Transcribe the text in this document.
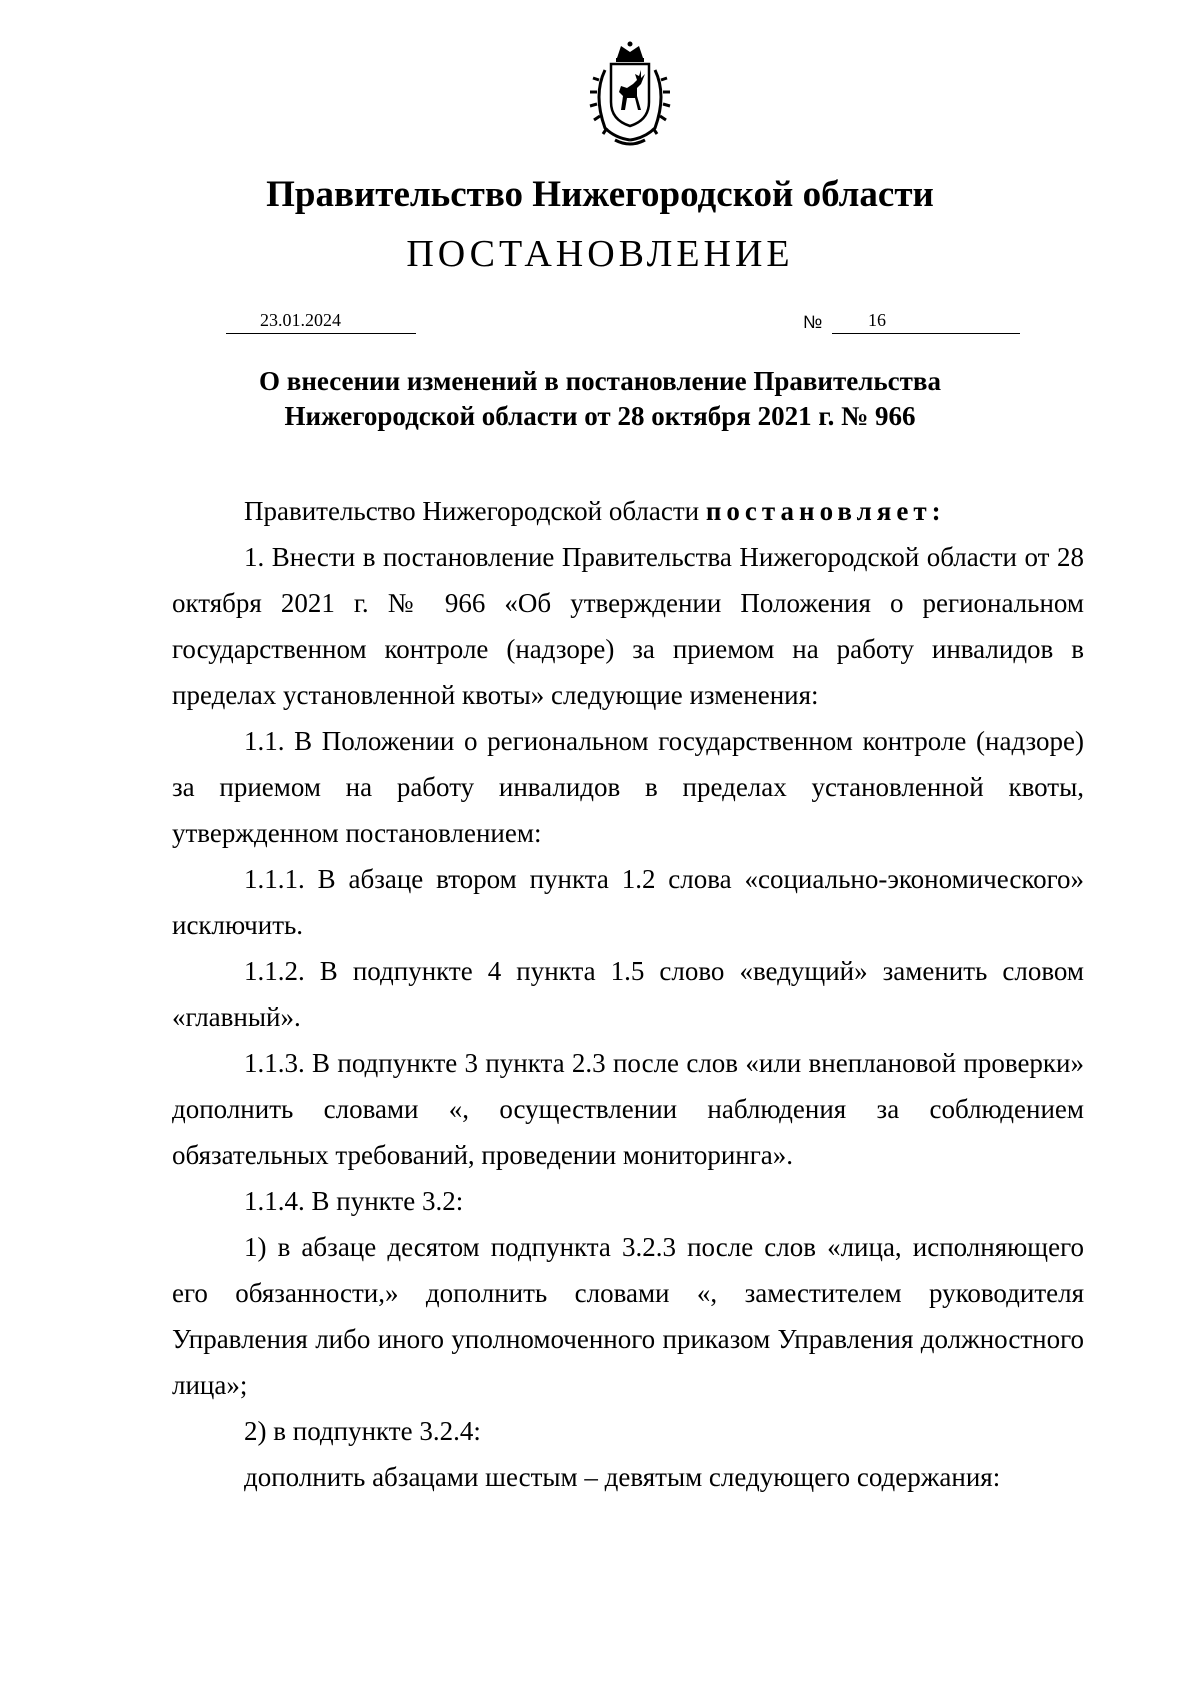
Правительство Нижегородской области
ПОСТАНОВЛЕНИЕ
23.01.2024	№	16
О внесении изменений в постановление Правительства
Нижегородской области от 28 октября 2021 г. № 966

Правительство Нижегородской области постановляет:

1. Внести в постановление Правительства Нижегородской области от 28 октября 2021 г. № 966 «Об утверждении Положения о региональном государственном контроле (надзоре) за приемом на работу инвалидов в пределах установленной квоты» следующие изменения:

1.1. В Положении о региональном государственном контроле (надзоре) за приемом на работу инвалидов в пределах установленной квоты, утвержденном постановлением:

1.1.1. В абзаце втором пункта 1.2 слова «социально-экономического» исключить.

1.1.2. В подпункте 4 пункта 1.5 слово «ведущий» заменить словом «главный».

1.1.3. В подпункте 3 пункта 2.3 после слов «или внеплановой проверки» дополнить словами «, осуществлении наблюдения за соблюдением обязательных требований, проведении мониторинга».

1.1.4. В пункте 3.2:

1) в абзаце десятом подпункта 3.2.3 после слов «лица, исполняющего его обязанности,» дополнить словами «, заместителем руководителя Управления либо иного уполномоченного приказом Управления должностного лица»;

2) в подпункте 3.2.4:

дополнить абзацами шестым – девятым следующего содержания:
